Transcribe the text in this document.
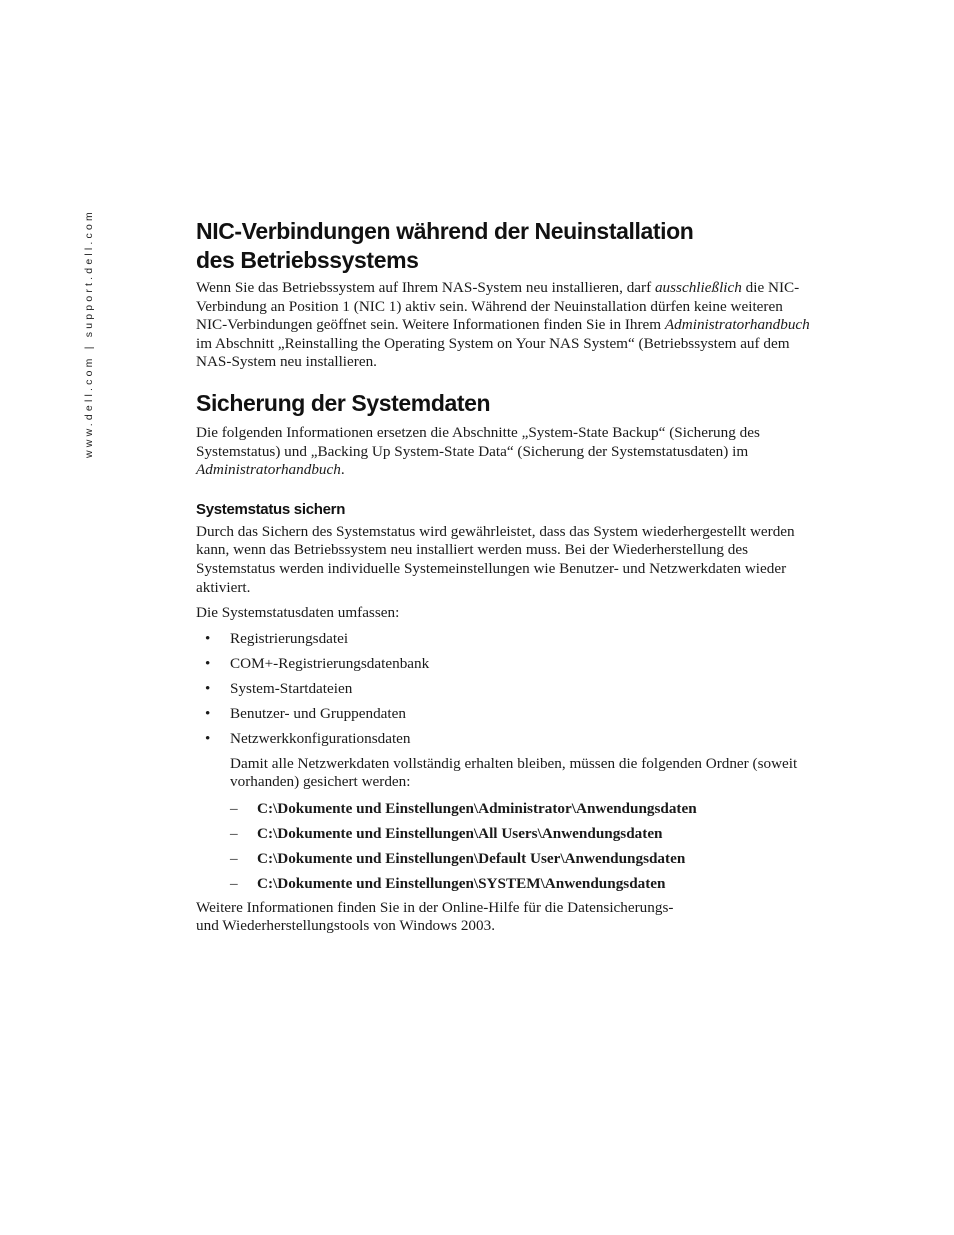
www.dell.com | support.dell.com	NIC-Verbindungen während der Neuinstallation
des Betriebssystems

Wenn Sie das Betriebssystem auf Ihrem NAS-System neu installieren, darf ausschließlich die NIC-Verbindung an Position 1 (NIC 1) aktiv sein. Während der Neuinstallation dürfen keine weiteren NIC-Verbindungen geöffnet sein. Weitere Informationen finden Sie in Ihrem Administratorhandbuch im Abschnitt „Reinstalling the Operating System on Your NAS System“ (Betriebssystem auf dem NAS-System neu installieren.

Sicherung der Systemdaten

Die folgenden Informationen ersetzen die Abschnitte „System-State Backup“ (Sicherung des Systemstatus) und „Backing Up System-State Data“ (Sicherung der Systemstatusdaten) im Administratorhandbuch.

Systemstatus sichern

Durch das Sichern des Systemstatus wird gewährleistet, dass das System wiederhergestellt werden kann, wenn das Betriebssystem neu installiert werden muss. Bei der Wiederherstellung des Systemstatus werden individuelle Systemeinstellungen wie Benutzer- und Netzwerkdaten wieder aktiviert.

Die Systemstatusdaten umfassen:

• Registrierungsdatei
• COM+-Registrierungsdatenbank
• System-Startdateien
• Benutzer- und Gruppendaten
• Netzwerkkonfigurationsdaten

Damit alle Netzwerkdaten vollständig erhalten bleiben, müssen die folgenden Ordner (soweit vorhanden) gesichert werden:

– C:\Dokumente und Einstellungen\Administrator\Anwendungsdaten
– C:\Dokumente und Einstellungen\All Users\Anwendungsdaten
– C:\Dokumente und Einstellungen\Default User\Anwendungsdaten
– C:\Dokumente und Einstellungen\SYSTEM\Anwendungsdaten

Weitere Informationen finden Sie in der Online-Hilfe für die Datensicherungs-
und Wiederherstellungstools von Windows 2003.
